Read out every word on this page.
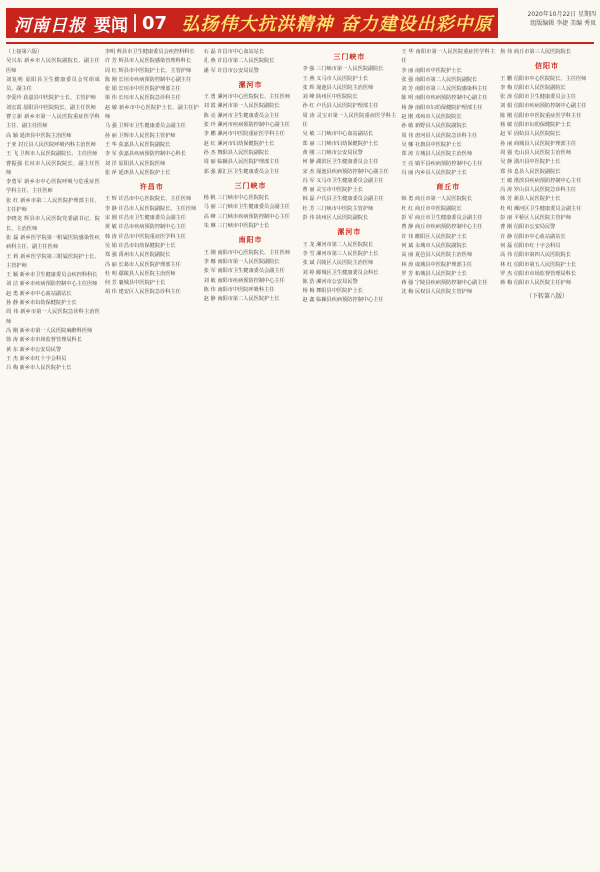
河南日报 要闻 07 弘扬伟大抗洪精神 奋力建设出彩中原	2020年10月22日 星期四
组版编辑 李捷 美编 秀岚

（上接第六版）

吴兴东 新乡市人民医院副院长、副主任医师

刘复明 原阳县卫生健康委员会党组成员、副主任

李爱玲 获嘉县中医院护士长、主管护师

刘宏霞 原阳县中医院院长、副主任医师

曹立新 新乡市第一人民医院重症医学科主任、副主任医师

高 颖 延津县中医院主治医师

于亚 封丘县人民医院呼吸内科主治医师

王 飞 卫辉市人民医院副院长、主任医师

曹振强 长垣市人民医院院长、副主任医师

李勇军 新乡市中心医院呼吸与危重症医学科主任、主任医师

张 红 新乡市第二人民医院护理部主任、主任护师

李晓龙 辉县市人民医院党委副书记、院长、主治医师

张 磊 新乡医学院第一附属医院感染性疾病科主任、副主任医师

王 莉 新乡医学院第三附属医院护士长、主管护师

王 颖 新乡市卫生健康委员会疾控科科长

刘 洁 新乡市疾病预防控制中心主任医师

赵 勇 新乡市中心血站副站长

孙 静 新乡市妇幼保健院护士长

周 伟 新乡市第一人民医院急诊科主治医师

冯 刚 新乡市第一人民医院麻醉科医师

徐 涛 新乡市市场监督管理局科长

黄 东 新乡市公安局民警

王 杰 新乡市红十字会科员

吕 梅 新乡市人民医院护士长

李明 辉县市卫生健康委员会疾控科科长

许 芳 辉县市人民医院感染管理科科长

周 红 辉县市中医院护士长、主管护师

陈 刚 长垣市疾病预防控制中心副主任

张 娟 长垣市中医医院护理部主任

梁 伟 长垣市人民医院急诊科主任

赵 敏 新乡市中心医院护士长、副主任护师

马 强 卫辉市卫生健康委员会副主任

孙 丽 卫辉市人民医院主管护师

王 华 获嘉县人民医院副院长

李 军 获嘉县疾病预防控制中心科长

刘 洋 原阳县人民医院医师

张 萍 延津县人民医院护士长

许昌市

王 辉 许昌市中心医院院长、主任医师

李 静 许昌市人民医院副院长、主任医师

宋 刚 许昌市卫生健康委员会副主任

黄 敏 许昌市疾病预防控制中心主任

韩 涛 许昌市中医院重症医学科主任

吴 娟 许昌市妇幼保健院护士长

郑 强 禹州市人民医院副院长

冯 丽 长葛市人民医院护理部主任

杜 明 鄢陵县人民医院主治医师

何 芳 襄城县中医院护士长

胡 伟 建安区人民医院急诊科主任

石 磊 许昌市中心血站站长

孔 燕 许昌市第二人民医院院长

潘 军 许昌市公安局民警

漯河市

王 勇 漯河市中心医院院长、主任医师

刘 霞 漯河市第一人民医院副院长

陈 亮 漯河市卫生健康委员会主任

张 玲 漯河市疾病预防控制中心副主任

李 鹏 漯河市中医院重症医学科主任

赵 红 漯河市妇幼保健院护士长

孙 杰 舞阳县人民医院副院长

周 丽 临颍县人民医院护理部主任

郭 强 源汇区卫生健康委员会主任

三门峡市

杨 帆 三门峡市中心医院院长

马 丽 三门峡市卫生健康委员会副主任

高 峰 三门峡市疾病预防控制中心主任

朱 琳 三门峡市中医院护士长

南阳市

王 刚 南阳市中心医院院长、主任医师

李 娜 南阳市第一人民医院副院长

张 军 南阳市卫生健康委员会副主任

刘 敏 南阳市疾病预防控制中心主任

陈 伟 南阳市中医院呼吸科主任

赵 静 南阳市第二人民医院护士长

三门峡市

李 强 三门峡市第一人民医院副院长

王 燕 义马市人民医院护士长

张 辉 渑池县人民医院主治医师

刘 峰 陕州区中医院院长

孙 红 卢氏县人民医院护理部主任

周 涛 灵宝市第一人民医院重症医学科主任

吴 敏 三门峡市中心血站副站长

郑 丽 三门峡市妇幼保健院护士长

黄 刚 三门峡市公安局民警

何 静 湖滨区卫生健康委员会主任

宋 杰 渑池县疾病预防控制中心副主任

冯 军 义马市卫生健康委员会副主任

曹 丽 灵宝市中医院护士长

韩 磊 卢氏县卫生健康委员会副主任

杜 芳 三门峡市中医院主管护师

彭 伟 陕州区人民医院副院长

漯河市

王 龙 漯河市第二人民医院院长

李 雪 漯河市第三人民医院护士长

张 斌 召陵区人民医院主治医师

刘 婷 郾城区卫生健康委员会科长

陈 浩 漯河市公安局民警

杨 梅 舞阳县中医院护士长

赵 鑫 临颍县疾病预防控制中心主任

王 华 南阳市第一人民医院重症医学科主任

李 丽 南阳市中医院护士长

张 强 南阳市第二人民医院副院长

刘 芳 南阳市第三人民医院感染科主任

陈 明 南阳市疾病预防控制中心副主任

杨 静 南阳市妇幼保健院护理部主任

赵 刚 邓州市人民医院院长

孙 敏 新野县人民医院副院长

周 伟 唐河县人民医院急诊科主任

吴 娜 社旗县中医院护士长

郑 涛 方城县人民医院主治医师

王 亮 镇平县疾病预防控制中心主任

冯 丽 内乡县人民医院护士长

商丘市

韩 勇 商丘市第一人民医院院长

杜 红 商丘市中医院副院长

彭 军 商丘市卫生健康委员会副主任

曹 静 商丘市疾病预防控制中心主任

许 伟 睢阳区人民医院护士长

何 斌 永城市人民医院副院长

高 丽 夏邑县人民医院主治医师

林 涛 虞城县中医院护理部主任

罗 芳 柘城县人民医院护士长

蒋 强 宁陵县疾病预防控制中心副主任

沈 梅 民权县人民医院主管护师

焦 伟 商丘市第三人民医院院长

信阳市

王 鹏 信阳市中心医院院长、主任医师

李 梅 信阳市人民医院副院长

张 涛 信阳市卫生健康委员会主任

刘 娟 信阳市疾病预防控制中心副主任

陈 刚 信阳市中医院重症医学科主任

杨 敏 信阳市妇幼保健院护士长

赵 军 固始县人民医院院长

孙 丽 商城县人民医院护理部主任

周 强 光山县人民医院主治医师

吴 静 潢川县中医院护士长

郑 伟 息县人民医院副院长

王 敏 淮滨县疾病预防控制中心主任

冯 涛 罗山县人民医院急诊科主任

韩 芳 新县人民医院护士长

杜 明 浉河区卫生健康委员会副主任

彭 丽 平桥区人民医院主管护师

曹 刚 信阳市公安局民警

许 静 信阳市中心血站副站长

何 磊 信阳市红十字会科员

高 伟 信阳市第四人民医院院长

林 红 信阳市第五人民医院护士长

罗 杰 信阳市市场监督管理局科长

蒋 梅 信阳市人民医院主任护师

（下转第八版）
